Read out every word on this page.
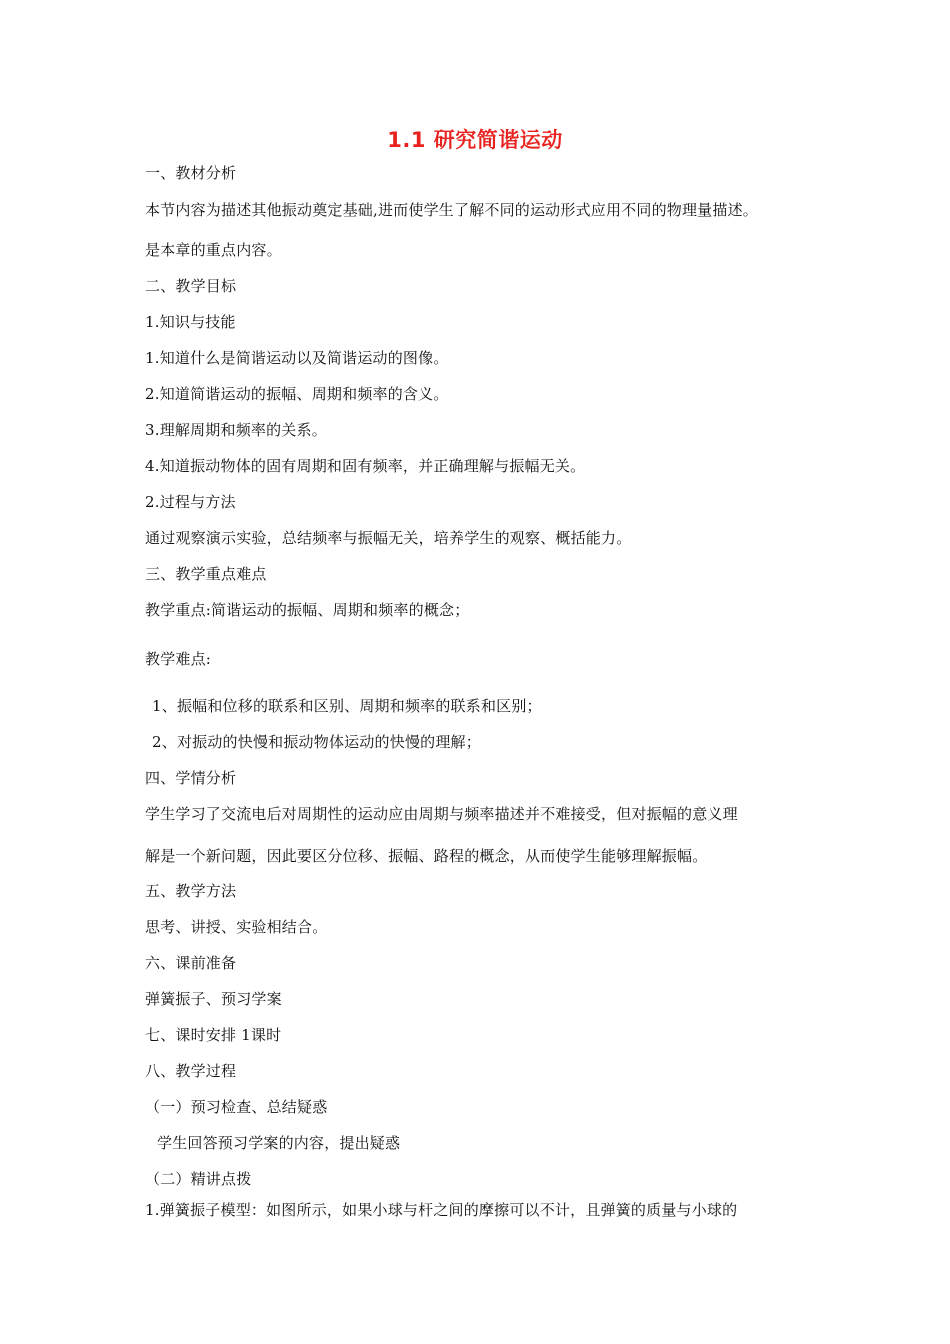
1.1 研究简谐运动
一、教材分析
本节内容为描述其他振动奠定基础,进而使学生了解不同的运动形式应用不同的物理量描述。
是本章的重点内容。
二、教学目标
1.知识与技能
1.知道什么是简谐运动以及简谐运动的图像。
2.知道简谐运动的振幅、周期和频率的含义。
3.理解周期和频率的关系。
4.知道振动物体的固有周期和固有频率，并正确理解与振幅无关。
2.过程与方法
通过观察演示实验，总结频率与振幅无关，培养学生的观察、概括能力。
三、教学重点难点
教学重点:简谐运动的振幅、周期和频率的概念；
教学难点:
1、振幅和位移的联系和区别、周期和频率的联系和区别；
2、对振动的快慢和振动物体运动的快慢的理解；
四、学情分析
学生学习了交流电后对周期性的运动应由周期与频率描述并不难接受，但对振幅的意义理
解是一个新问题，因此要区分位移、振幅、路程的概念，从而使学生能够理解振幅。
五、教学方法
思考、讲授、实验相结合。
六、课前准备
弹簧振子、预习学案
七、课时安排 1课时
八、教学过程
（一）预习检查、总结疑惑
学生回答预习学案的内容，提出疑惑
（二）精讲点拨
1.弹簧振子模型：如图所示，如果小球与杆之间的摩擦可以不计，且弹簧的质量与小球的
